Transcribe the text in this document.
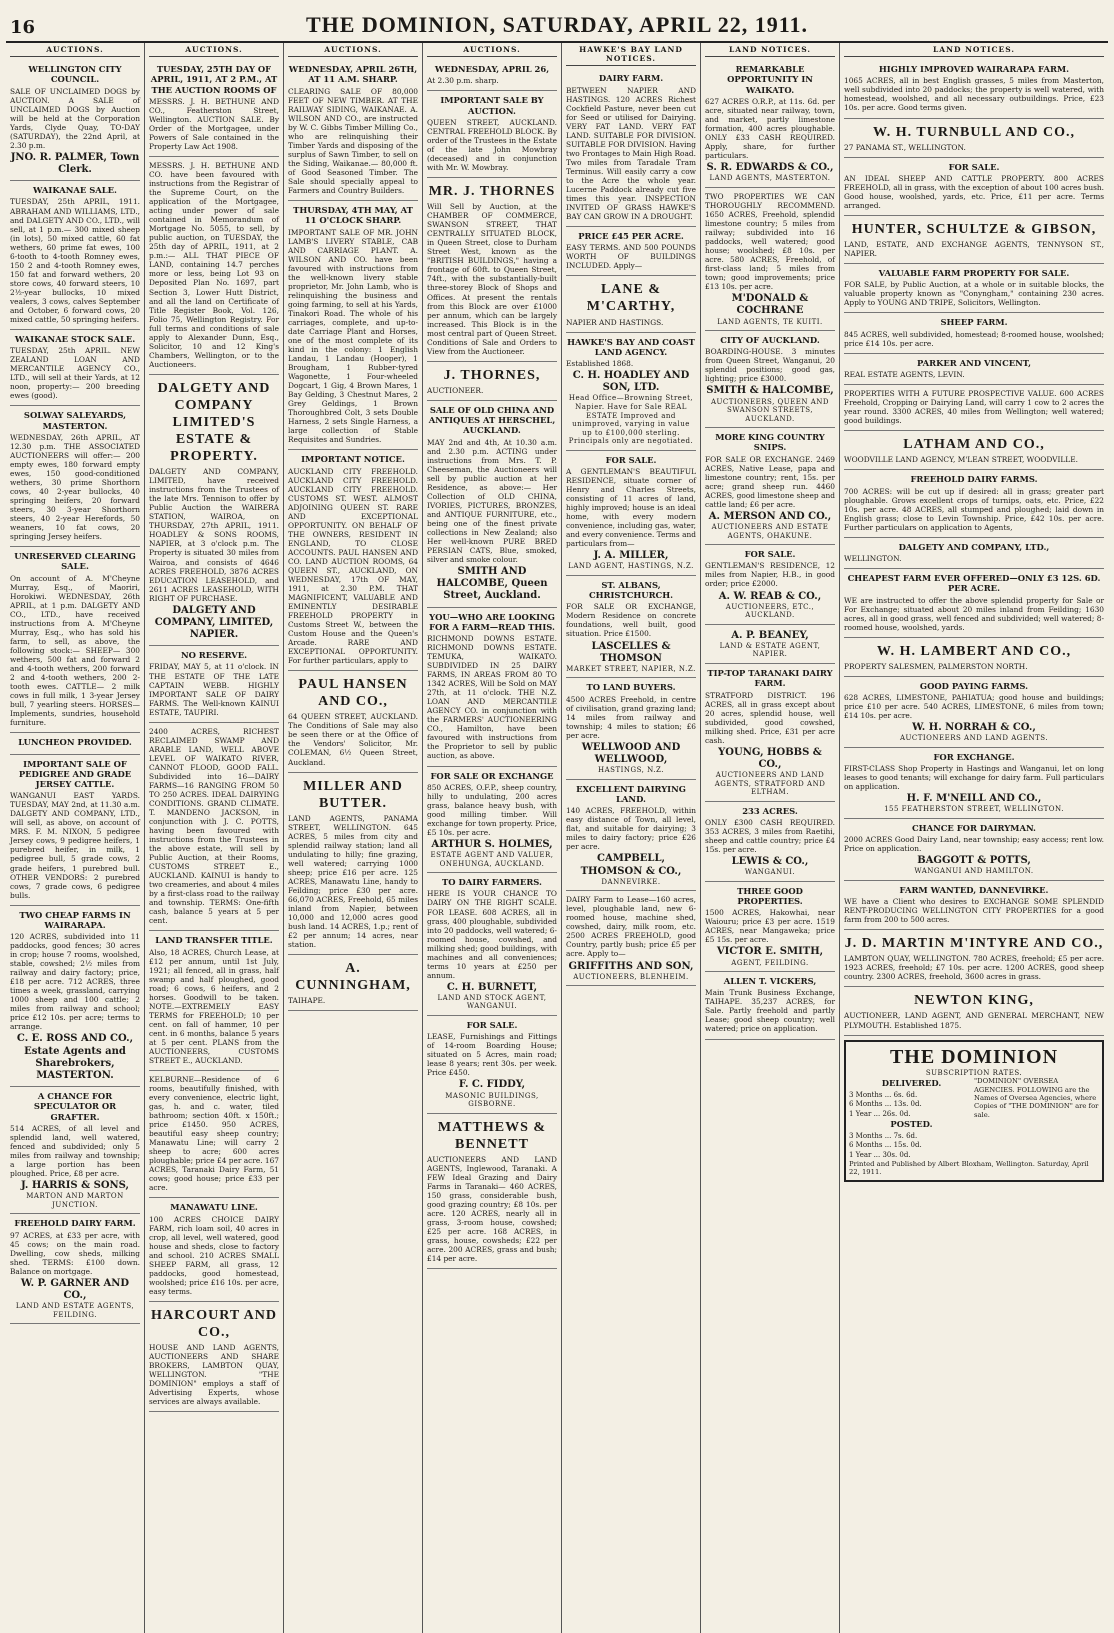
16	THE DOMINION, SATURDAY, APRIL 22, 1911.
AUCTIONS.
WELLINGTON CITY COUNCIL.
SALE OF UNCLAIMED DOGS by AUCTION. A SALE of UNCLAIMED DOGS by Auction will be held at the Corporation Yards, Clyde Quay, TO-DAY (SATURDAY), the 22nd April, at 2.30 p.m.
JNO. R. PALMER, Town Clerk.
WAIKANAE SALE.
TUESDAY, 25th APRIL, 1911. ABRAHAM AND WILLIAMS, LTD., and DALGETY AND CO., LTD., will sell, at 1 p.m.— 300 mixed sheep (in lots), 50 mixed cattle, 60 fat wethers, 60 prime fat ewes, 100 6-tooth to 4-tooth Romney ewes, 150 2 and 4-tooth Romney ewes, 150 fat and forward wethers, 20 store cows, 40 forward steers, 10 2½-year bullocks, 10 mixed vealers, 3 cows, calves September and October, 6 forward cows, 20 mixed cattle, 50 springing heifers.
WAIKANAE STOCK SALE.
TUESDAY, 25th APRIL. NEW ZEALAND LOAN AND MERCANTILE AGENCY CO., LTD., will sell at their Yards, at 12 noon, property:— 200 breeding ewes (good).
SOLWAY SALEYARDS, MASTERTON.
WEDNESDAY, 26th APRIL, AT 12.30 p.m. THE ASSOCIATED AUCTIONEERS will offer:— 200 empty ewes, 180 forward empty ewes, 150 good-conditioned wethers, 30 prime Shorthorn cows, 40 2-year bullocks, 40 springing heifers, 20 forward steers, 30 3-year Shorthorn steers, 40 2-year Herefords, 50 weaners, 10 fat cows, 20 springing Jersey heifers.
UNRESERVED CLEARING SALE.
On account of A. M'Cheyne Murray, Esq., of Maoriri, Horokiwi. WEDNESDAY, 26th APRIL, at 1 p.m. DALGETY AND CO., LTD., have received instructions from A. M'Cheyne Murray, Esq., who has sold his farm, to sell, as above, the following stock:— SHEEP— 300 wethers, 500 fat and forward 2 and 4-tooth wethers, 200 forward 2 and 4-tooth wethers, 200 2-tooth ewes. CATTLE— 2 milk cows in full milk, 1 3-year Jersey bull, 7 yearling steers. HORSES— Implements, sundries, household furniture.
LUNCHEON PROVIDED.
IMPORTANT SALE OF PEDIGREE AND GRADE JERSEY CATTLE.
WANGANUI EAST YARDS. TUESDAY, MAY 2nd, at 11.30 a.m. DALGETY AND COMPANY, LTD., will sell, as above, on account of MRS. F. M. NIXON, 5 pedigree Jersey cows, 9 pedigree heifers, 1 purebred heifer, in milk, 1 pedigree bull, 5 grade cows, 2 grade heifers, 1 purebred bull. OTHER VENDORS: 2 purebred cows, 7 grade cows, 6 pedigree bulls.
TWO CHEAP FARMS IN WAIRARAPA.
120 ACRES, subdivided into 11 paddocks, good fences; 30 acres in crop; house 7 rooms, woolshed, stable, cowshed; 2½ miles from railway and dairy factory; price, £18 per acre. 712 ACRES, three times a week, grassland, carrying 1000 sheep and 100 cattle; 2 miles from railway and school; price £12 10s. per acre; terms to arrange.
C. E. ROSS AND CO., Estate Agents and Sharebrokers, MASTERTON.
A CHANCE FOR SPECULATOR OR GRAFTER.
514 ACRES, of all level and splendid land, well watered, fenced and subdivided; only 5 miles from railway and township; a large portion has been ploughed. Price, £8 per acre.
J. HARRIS & SONS,
MARTON AND MARTON JUNCTION.
FREEHOLD DAIRY FARM.
97 ACRES, at £33 per acre, with 45 cows; on the main road. Dwelling, cow sheds, milking shed. TERMS: £100 down. Balance on mortgage.
W. P. GARNER AND CO.,
LAND AND ESTATE AGENTS, FEILDING.
AUCTIONS.
TUESDAY, 25TH DAY OF APRIL, 1911, AT 2 P.M., AT THE AUCTION ROOMS OF
MESSRS. J. H. BETHUNE AND CO., Featherston Street, Wellington. AUCTION SALE. By Order of the Mortgagee, under Powers of Sale contained in the Property Law Act 1908.
MESSRS. J. H. BETHUNE AND CO. have been favoured with instructions from the Registrar of the Supreme Court, on the application of the Mortgagee, acting under power of sale contained in Memorandum of Mortgage No. 5055, to sell, by public auction, on TUESDAY, the 25th day of APRIL, 1911, at 2 p.m.:— ALL THAT PIECE OF LAND, containing 14.7 perches more or less, being Lot 93 on Deposited Plan No. 1697, part Section 3, Lower Hutt District, and all the land on Certificate of Title Register Book, Vol. 126, Folio 75, Wellington Registry. For full terms and conditions of sale apply to Alexander Dunn, Esq., Solicitor, 10 and 12 King's Chambers, Wellington, or to the Auctioneers.
DALGETY AND COMPANY LIMITED'S ESTATE & PROPERTY.
DALGETY AND COMPANY, LIMITED, have received instructions from the Trustees of the late Mrs. Tennison to offer by Public Auction the WAIRERA STATION, WAIROA, on THURSDAY, 27th APRIL, 1911. HOADLEY & SONS ROOMS, NAPIER, at 3 o'clock p.m. The Property is situated 30 miles from Wairoa, and consists of 4646 ACRES FREEHOLD, 3876 ACRES EDUCATION LEASEHOLD, and 2611 ACRES LEASEHOLD, WITH RIGHT OF PURCHASE.
DALGETY AND COMPANY, LIMITED, NAPIER.
NO RESERVE.
FRIDAY, MAY 5, at 11 o'clock. IN THE ESTATE OF THE LATE CAPTAIN WEBB. HIGHLY IMPORTANT SALE OF DAIRY FARMS. The Well-known KAINUI ESTATE, TAUPIRI.
2400 ACRES, RICHEST RECLAIMED SWAMP AND ARABLE LAND, WELL ABOVE LEVEL OF WAIKATO RIVER, CANNOT FLOOD, GOOD FALL. Subdivided into 16—DAIRY FARMS—16 RANGING FROM 50 TO 250 ACRES. IDEAL DAIRYING CONDITIONS. GRAND CLIMATE. T. MANDENO JACKSON, in conjunction with J. C. POTTS, having been favoured with instructions from the Trustees in the above estate, will sell by Public Auction, at their Rooms, CUSTOMS STREET E., AUCKLAND. KAINUI is handy to two creameries, and about 4 miles by a first-class road to the railway and township. TERMS: One-fifth cash, balance 5 years at 5 per cent.
LAND TRANSFER TITLE.
Also, 18 ACRES, Church Lease, at £12 per annum, until 1st July, 1921; all fenced, all in grass, half swamp and half ploughed, good road; 6 cows, 6 heifers, and 2 horses. Goodwill to be taken. NOTE.—EXTREMELY EASY TERMS for FREEHOLD; 10 per cent. on fall of hammer, 10 per cent. in 6 months, balance 5 years at 5 per cent. PLANS from the AUCTIONEERS, CUSTOMS STREET E., AUCKLAND.
KELBURNE—Residence of 6 rooms, beautifully finished, with every convenience, electric light, gas, h. and c. water, tiled bathroom; section 40ft. x 150ft.; price £1450. 950 ACRES, beautiful easy sheep country; Manawatu Line; will carry 2 sheep to acre; 600 acres ploughable; price £4 per acre. 167 ACRES, Taranaki Dairy Farm, 51 cows; good house; price £33 per acre.
MANAWATU LINE.
100 ACRES CHOICE DAIRY FARM, rich loam soil, 40 acres in crop, all level, well watered, good house and sheds, close to factory and school. 210 ACRES SMALL SHEEP FARM, all grass, 12 paddocks, good homestead, woolshed; price £16 10s. per acre, easy terms.
HARCOURT AND CO.,
HOUSE AND LAND AGENTS, AUCTIONEERS AND SHARE BROKERS, LAMBTON QUAY, WELLINGTON. "THE DOMINION" employs a staff of Advertising Experts, whose services are always available.
AUCTIONS.
WEDNESDAY, APRIL 26TH, AT 11 A.M. SHARP.
CLEARING SALE OF 80,000 FEET OF NEW TIMBER. AT THE RAILWAY SIDING, WAIKANAE. A. WILSON AND CO., are instructed by W. C. Gibbs Timber Milling Co., who are relinquishing their Timber Yards and disposing of the surplus of Sawn Timber, to sell on the Siding, Waikanae.— 80,000 ft. of Good Seasoned Timber. The Sale should specially appeal to Farmers and Country Builders.
THURSDAY, 4TH MAY, AT 11 O'CLOCK SHARP.
IMPORTANT SALE OF MR. JOHN LAMB'S LIVERY STABLE, CAB AND CARRIAGE PLANT. A. WILSON AND CO. have been favoured with instructions from the well-known livery stable proprietor, Mr. John Lamb, who is relinquishing the business and going farming, to sell at his Yards, Tinakori Road. The whole of his carriages, complete, and up-to-date Carriage Plant and Horses, one of the most complete of its kind in the colony: 1 English Landau, 1 Landau (Hooper), 1 Brougham, 1 Rubber-tyred Wagonette, 1 Four-wheeled Dogcart, 1 Gig, 4 Brown Mares, 1 Bay Gelding, 3 Chestnut Mares, 2 Grey Geldings, 1 Brown Thoroughbred Colt, 3 sets Double Harness, 2 sets Single Harness, a large collection of Stable Requisites and Sundries.
IMPORTANT NOTICE.
AUCKLAND CITY FREEHOLD. AUCKLAND CITY FREEHOLD. AUCKLAND CITY FREEHOLD. CUSTOMS ST. WEST. ALMOST ADJOINING QUEEN ST. RARE AND EXCEPTIONAL OPPORTUNITY. ON BEHALF OF THE OWNERS, RESIDENT IN ENGLAND, TO CLOSE ACCOUNTS. PAUL HANSEN AND CO. LAND AUCTION ROOMS, 64 QUEEN ST., AUCKLAND, ON WEDNESDAY, 17th OF MAY, 1911, at 2.30 P.M. THAT MAGNIFICENT, VALUABLE AND EMINENTLY DESIRABLE FREEHOLD PROPERTY in Customs Street W., between the Custom House and the Queen's Arcade. RARE AND EXCEPTIONAL OPPORTUNITY. For further particulars, apply to
PAUL HANSEN AND CO.,
64 QUEEN STREET, AUCKLAND. The Conditions of Sale may also be seen there or at the Office of the Vendors' Solicitor, Mr. COLEMAN, 6½ Queen Street, Auckland.
MILLER AND BUTTER.
LAND AGENTS, PANAMA STREET, WELLINGTON. 645 ACRES, 5 miles from city and splendid railway station; land all undulating to hilly; fine grazing, well watered; carrying 1000 sheep; price £16 per acre. 125 ACRES, Manawatu Line, handy to Feilding; price £30 per acre. 66,070 ACRES, Freehold, 65 miles inland from Napier, between 10,000 and 12,000 acres good bush land. 14 ACRES, 1.p.; rent of £2 per annum; 14 acres, near station.
A. CUNNINGHAM,
TAIHAPE.
AUCTIONS.
WEDNESDAY, APRIL 26,
At 2.30 p.m. sharp.
IMPORTANT SALE BY AUCTION.
QUEEN STREET, AUCKLAND. CENTRAL FREEHOLD BLOCK. By order of the Trustees in the Estate of the late John Mowbray (deceased) and in conjunction with Mr. W. Mowbray.
MR. J. THORNES
Will Sell by Auction, at the CHAMBER OF COMMERCE, SWANSON STREET, THAT CENTRALLY SITUATED BLOCK, in Queen Street, close to Durham Street West, known as the "BRITISH BUILDINGS," having a frontage of 60ft. to Queen Street, 74ft., with the substantially-built three-storey Block of Shops and Offices. At present the rentals from this Block are over £1000 per annum, which can be largely increased. This Block is in the most central part of Queen Street. Conditions of Sale and Orders to View from the Auctioneer.
J. THORNES,
AUCTIONEER.
SALE OF OLD CHINA AND ANTIQUES AT HERSCHEL, AUCKLAND.
MAY 2nd and 4th, At 10.30 a.m. and 2.30 p.m. ACTING under instructions from Mrs. T. P. Cheeseman, the Auctioneers will sell by public auction at her Residence, as above:— Her Collection of OLD CHINA, IVORIES, PICTURES, BRONZES, and ANTIQUE FURNITURE, etc., being one of the finest private collections in New Zealand; also Her well-known PURE BRED PERSIAN CATS, Blue, smoked, silver and smoke colour.
SMITH AND HALCOMBE, Queen Street, Auckland.
YOU—WHO ARE LOOKING FOR A FARM—READ THIS.
RICHMOND DOWNS ESTATE. RICHMOND DOWNS ESTATE. TEMUKA, WAIKATO. SUBDIVIDED IN 25 DAIRY FARMS, IN AREAS FROM 80 TO 1342 ACRES, Will be Sold on MAY 27th, at 11 o'clock. THE N.Z. LOAN AND MERCANTILE AGENCY CO. in conjunction with the FARMERS' AUCTIONEERING CO., Hamilton, have been favoured with instructions from the Proprietor to sell by public auction, as above.
FOR SALE OR EXCHANGE
850 ACRES, O.F.P., sheep country, hilly to undulating, 200 acres grass, balance heavy bush, with good milling timber. Will exchange for town property. Price, £5 10s. per acre.
ARTHUR S. HOLMES,
ESTATE AGENT AND VALUER, ONEHUNGA, AUCKLAND.
TO DAIRY FARMERS.
HERE IS YOUR CHANCE TO DAIRY ON THE RIGHT SCALE. FOR LEASE. 608 ACRES, all in grass, 400 ploughable, subdivided into 20 paddocks, well watered; 6-roomed house, cowshed, and milking shed; good buildings, with machines and all conveniences; terms 10 years at £250 per annum.
C. H. BURNETT,
LAND AND STOCK AGENT, WANGANUI.
FOR SALE.
LEASE, Furnishings and Fittings of 14-room Boarding House; situated on 5 Acres, main road; lease 8 years; rent 30s. per week. Price £450.
F. C. FIDDY,
MASONIC BUILDINGS, GISBORNE.
MATTHEWS & BENNETT
AUCTIONEERS AND LAND AGENTS, Inglewood, Taranaki. A FEW Ideal Grazing and Dairy Farms in Taranaki— 460 ACRES, 150 grass, considerable bush, good grazing country; £8 10s. per acre. 120 ACRES, nearly all in grass, 3-room house, cowshed; £25 per acre. 168 ACRES, in grass, house, cowsheds; £22 per acre. 200 ACRES, grass and bush; £14 per acre.
HAWKE'S BAY LAND NOTICES.
DAIRY FARM.
BETWEEN NAPIER AND HASTINGS. 120 ACRES Richest Cockfield Pasture, never been cut for Seed or utilised for Dairying. VERY FAT LAND. VERY FAT LAND. SUITABLE FOR DIVISION. SUITABLE FOR DIVISION. Having two Frontages to Main High Road. Two miles from Taradale Tram Terminus. Will easily carry a cow to the Acre the whole year. Lucerne Paddock already cut five times this year. INSPECTION INVITED OF GRASS HAWKE'S BAY CAN GROW IN A DROUGHT.
PRICE £45 PER ACRE.
EASY TERMS. AND 500 POUNDS WORTH OF BUILDINGS INCLUDED. Apply—
LANE & M'CARTHY,
NAPIER AND HASTINGS.
HAWKE'S BAY AND COAST LAND AGENCY.
Established 1868.
C. H. HOADLEY AND SON, LTD.
Head Office—Browning Street, Napier. Have for Sale REAL ESTATE Improved and unimproved, varying in value up to £100,000 sterling. Principals only are negotiated.
FOR SALE.
A GENTLEMAN'S BEAUTIFUL RESIDENCE, situate corner of Henry and Charles Streets, consisting of 11 acres of land, highly improved; house is an ideal home, with every modern convenience, including gas, water, and every convenience. Terms and particulars from—
J. A. MILLER,
LAND AGENT, HASTINGS, N.Z.
ST. ALBANS, CHRISTCHURCH.
FOR SALE OR EXCHANGE, Modern Residence on concrete foundations, well built, good situation. Price £1500.
LASCELLES & THOMSON
MARKET STREET, NAPIER, N.Z.
TO LAND BUYERS.
4500 ACRES Freehold, in centre of civilisation, grand grazing land; 14 miles from railway and township; 4 miles to station; £6 per acre.
WELLWOOD AND WELLWOOD,
HASTINGS, N.Z.
EXCELLENT DAIRYING LAND.
140 ACRES, FREEHOLD, within easy distance of Town, all level, flat, and suitable for dairying; 3 miles to dairy factory; price £26 per acre.
CAMPBELL, THOMSON & CO.,
DANNEVIRKE.
DAIRY Farm to Lease—160 acres, level, ploughable land, new 6-roomed house, machine shed, cowshed, dairy, milk room, etc. 2500 ACRES FREEHOLD, good Country, partly bush; price £5 per acre. Apply to—
GRIFFITHS AND SON,
AUCTIONEERS, BLENHEIM.
LAND NOTICES.
REMARKABLE OPPORTUNITY IN WAIKATO.
627 ACRES O.R.P., at 11s. 6d. per acre, situated near railway, town, and market, partly limestone formation, 400 acres ploughable. ONLY £33 CASH REQUIRED. Apply, share, for further particulars.
S. R. EDWARDS & CO.,
LAND AGENTS, MASTERTON.
TWO PROPERTIES WE CAN THOROUGHLY RECOMMEND. 1650 ACRES, Freehold, splendid limestone country; 5 miles from railway; subdivided into 16 paddocks, well watered; good house; woolshed; £8 10s. per acre. 580 ACRES, Freehold, of first-class land; 5 miles from town; good improvements; price £13 10s. per acre.
M'DONALD & COCHRANE
LAND AGENTS, TE KUITI.
CITY OF AUCKLAND.
BOARDING-HOUSE. 3 minutes from Queen Street, Wanganui, 20 splendid positions; good gas, lighting; price £3000.
SMITH & HALCOMBE,
AUCTIONEERS, QUEEN AND SWANSON STREETS, AUCKLAND.
MORE KING COUNTRY SNIPS.
FOR SALE OR EXCHANGE. 2469 ACRES, Native Lease, papa and limestone country; rent, 15s. per acre; grand sheep run. 4460 ACRES, good limestone sheep and cattle land; £6 per acre.
A. MERSON AND CO.,
AUCTIONEERS AND ESTATE AGENTS, OHAKUNE.
FOR SALE.
GENTLEMAN'S RESIDENCE, 12 miles from Napier, H.B., in good order; price £2000.
A. W. REAB & CO.,
AUCTIONEERS, ETC., AUCKLAND.
A. P. BEANEY,
LAND & ESTATE AGENT, NAPIER.
TIP-TOP TARANAKI DAIRY FARM.
STRATFORD DISTRICT. 196 ACRES, all in grass except about 20 acres, splendid house, well subdivided, good cowshed, milking shed. Price, £31 per acre cash.
YOUNG, HOBBS & CO.,
AUCTIONEERS AND LAND AGENTS, STRATFORD AND ELTHAM.
233 ACRES.
ONLY £300 CASH REQUIRED. 353 ACRES, 3 miles from Raetihi, sheep and cattle country; price £4 15s. per acre.
LEWIS & CO.,
WANGANUI.
THREE GOOD PROPERTIES.
1500 ACRES, Hakowhai, near Waiouru; price £3 per acre. 1519 ACRES, near Mangaweka; price £5 15s. per acre.
VICTOR E. SMITH,
AGENT, FEILDING.
ALLEN T. VICKERS,
Main Trunk Business Exchange, TAIHAPE. 35,237 ACRES, for Sale. Partly freehold and partly Lease; good sheep country; well watered; price on application.
LAND NOTICES.
HIGHLY IMPROVED WAIRARAPA FARM.
1065 ACRES, all in best English grasses, 5 miles from Masterton, well subdivided into 20 paddocks; the property is well watered, with homestead, woolshed, and all necessary outbuildings. Price, £23 10s. per acre. Good terms given.
W. H. TURNBULL AND CO.,
27 PANAMA ST., WELLINGTON.
FOR SALE.
AN IDEAL SHEEP AND CATTLE PROPERTY. 800 ACRES FREEHOLD, all in grass, with the exception of about 100 acres bush. Good house, woolshed, yards, etc. Price, £11 per acre. Terms arranged.
HUNTER, SCHULTZE & GIBSON,
LAND, ESTATE, AND EXCHANGE AGENTS, TENNYSON ST., NAPIER.
VALUABLE FARM PROPERTY FOR SALE.
FOR SALE, by Public Auction, at a whole or in suitable blocks, the valuable property known as "Conyngham," containing 230 acres. Apply to YOUNG AND TRIPE, Solicitors, Wellington.
SHEEP FARM.
845 ACRES, well subdivided, homestead; 8-roomed house, woolshed; price £14 10s. per acre.
PARKER AND VINCENT,
REAL ESTATE AGENTS, LEVIN.
PROPERTIES WITH A FUTURE PROSPECTIVE VALUE. 600 ACRES Freehold, Cropping or Dairying Land, will carry 1 cow to 2 acres the year round. 3300 ACRES, 40 miles from Wellington; well watered; good buildings.
LATHAM AND CO.,
WOODVILLE LAND AGENCY, M'LEAN STREET, WOODVILLE.
FREEHOLD DAIRY FARMS.
700 ACRES: will be cut up if desired: all in grass; greater part ploughable. Grows excellent crops of turnips, oats, etc. Price, £22 10s. per acre. 48 ACRES, all stumped and ploughed; laid down in English grass; close to Levin Township. Price, £42 10s. per acre. Further particulars on application to Agents,
DALGETY AND COMPANY, LTD.,
WELLINGTON.
CHEAPEST FARM EVER OFFERED—ONLY £3 12S. 6D. PER ACRE.
WE are instructed to offer the above splendid property for Sale or For Exchange; situated about 20 miles inland from Feilding; 1630 acres, all in good grass, well fenced and subdivided; well watered; 8-roomed house, woolshed, yards.
W. H. LAMBERT AND CO.,
PROPERTY SALESMEN, PALMERSTON NORTH.
GOOD PAYING FARMS.
628 ACRES, LIMESTONE, PAHIATUA; good house and buildings; price £10 per acre. 540 ACRES, LIMESTONE, 6 miles from town; £14 10s. per acre.
W. H. NORRAH & CO.,
AUCTIONEERS AND LAND AGENTS.
FOR EXCHANGE.
FIRST-CLASS Shop Property in Hastings and Wanganui, let on long leases to good tenants; will exchange for dairy farm. Full particulars on application.
H. F. M'NEILL AND CO.,
155 FEATHERSTON STREET, WELLINGTON.
CHANCE FOR DAIRYMAN.
2000 ACRES Good Dairy Land, near township; easy access; rent low. Price on application.
BAGGOTT & POTTS,
WANGANUI AND HAMILTON.
FARM WANTED, DANNEVIRKE.
WE have a Client who desires to EXCHANGE SOME SPLENDID RENT-PRODUCING WELLINGTON CITY PROPERTIES for a good farm from 200 to 500 acres.
J. D. MARTIN M'INTYRE AND CO.,
LAMBTON QUAY, WELLINGTON. 780 ACRES, freehold; £5 per acre. 1923 ACRES, freehold; £7 10s. per acre. 1200 ACRES, good sheep country. 2300 ACRES, freehold, 3600 acres in grass.
NEWTON KING,
AUCTIONEER, LAND AGENT, AND GENERAL MERCHANT, NEW PLYMOUTH. Established 1875.
THE DOMINION
SUBSCRIPTION RATES.
DELIVERED.
3 Months ... 6s. 6d.
6 Months ... 13s. 0d.
1 Year ... 26s. 0d.
POSTED.
3 Months ... 7s. 6d.
6 Months ... 15s. 0d.
1 Year ... 30s. 0d.
"DOMINION" OVERSEA AGENCIES. FOLLOWING are the Names of Oversea Agencies, where Copies of "THE DOMINION" are for sale.
Printed and Published by Albert Bloxham, Wellington. Saturday, April 22, 1911.
